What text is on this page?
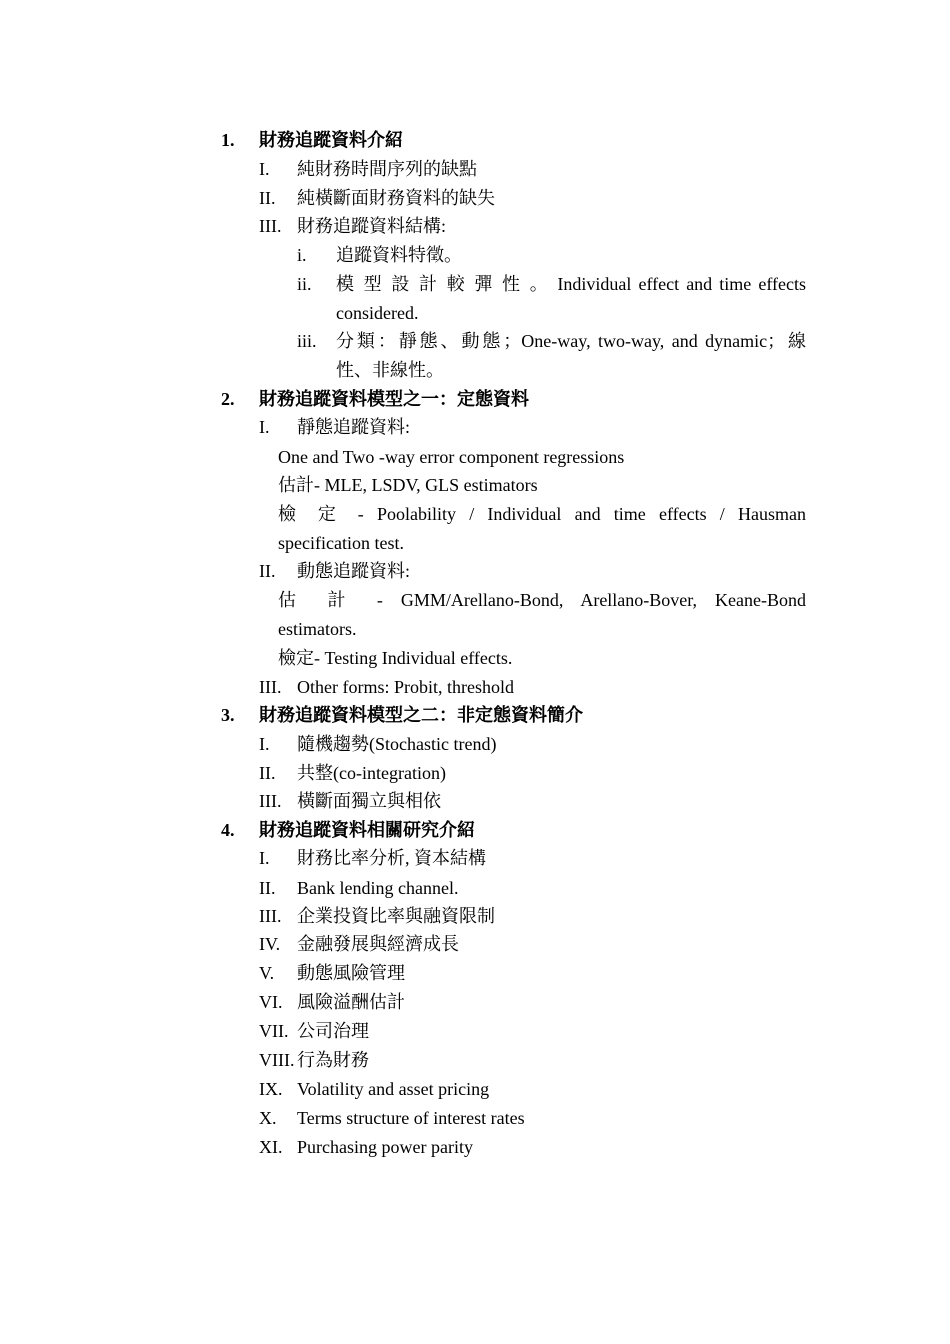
1. 財務追蹤資料介紹
I. 純財務時間序列的缺點
II. 純橫斷面財務資料的缺失
III. 財務追蹤資料結構:
i. 追蹤資料特徵。
ii. 模 型 設 計 較 彈 性 。 Individual effect and time effects
considered.
iii. 分類：靜態、動態；One-way, two-way, and dynamic；線
性、非線性。
2. 財務追蹤資料模型之一：定態資料
I. 靜態追蹤資料:
One and Two -way error component regressions
估計- MLE, LSDV, GLS estimators
檢 定 - Poolability / Individual and time effects / Hausman
specification test.
II. 動態追蹤資料:
估 計 - GMM/Arellano-Bond, Arellano-Bover, Keane-Bond
estimators.
檢定- Testing Individual effects.
III. Other forms: Probit, threshold
3. 財務追蹤資料模型之二：非定態資料簡介
I. 隨機趨勢(Stochastic trend)
II. 共整(co-integration)
III. 橫斷面獨立與相依
4. 財務追蹤資料相關研究介紹
I. 財務比率分析, 資本結構
II. Bank lending channel.
III. 企業投資比率與融資限制
IV. 金融發展與經濟成長
V. 動態風險管理
VI. 風險溢酬估計
VII. 公司治理
VIII. 行為財務
IX. Volatility and asset pricing
X. Terms structure of interest rates
XI. Purchasing power parity
